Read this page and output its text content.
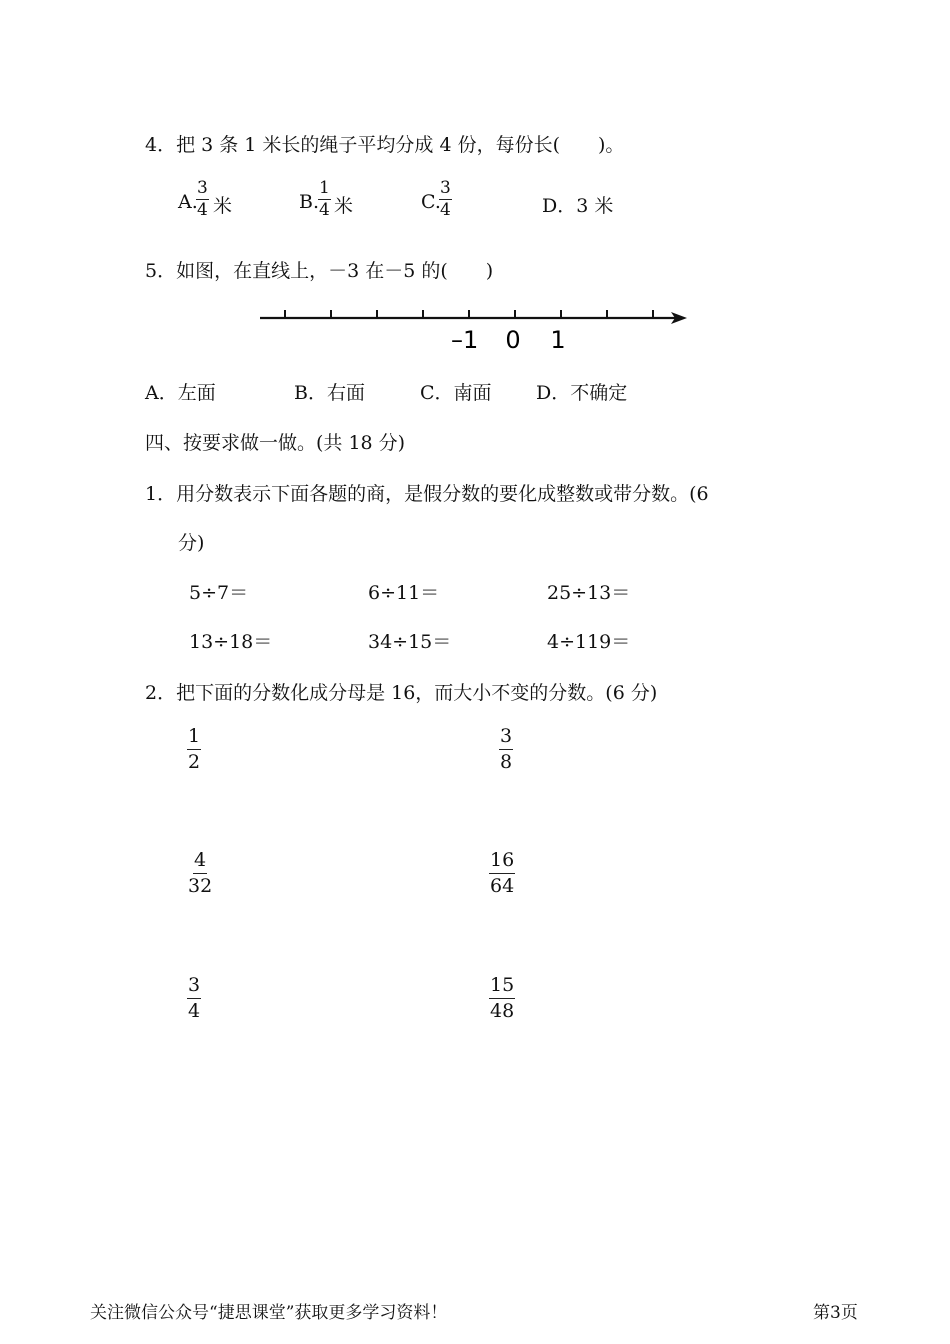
4．把 3 条 1 米长的绳子平均分成 4 份，每份长(　　)。
A.
$\frac{3}{4}$ 米	B.
$\frac{1}{4}$ 米	C.
$\frac{3}{4}$	D．3 米
5．如图，在直线上，－3 在－5 的(　　)
–1 0 1
A．左面	B．右面	C．南面 D．不确定
四、按要求做一做。(共 18 分)
1．用分数表示下面各题的商，是假分数的要化成整数或带分数。(6
分)
5÷7＝	6÷11＝	25÷13＝
13÷18＝	34÷15＝	4÷119＝
2．把下面的分数化成分母是 16，而大小不变的分数。(6 分)
$\frac{1}{2}$	$\frac{3}{8}$
$\frac{4}{32}$	$\frac{16}{64}$
$\frac{3}{4}$	$\frac{15}{48}$
关注微信公众号“捷思课堂”获取更多学习资料！	第3页
